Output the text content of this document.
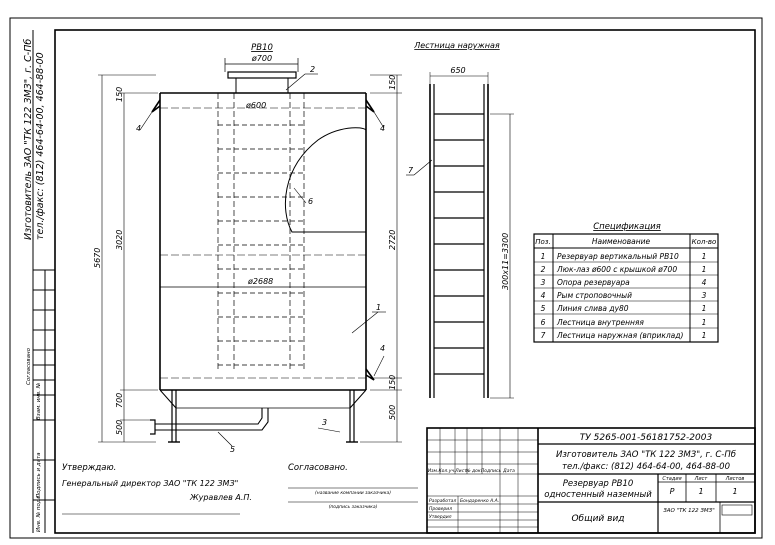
Изготовитель ЗАО "ТК 122 ЗМЗ", г. С-Пб тел./факс: (812) 464-64-00, 464-88-00
Согласовано
Взам. инв. №
Подпись и дата
Инв. № подл.
РВ10
ø700
ø2688
ø600
5670
150
3020
700
500
150
2720
150
500
1
2
3
4	4
4
5
6
Лестница наружная
650
300х11=3300
7
Спецификация
Поз.	Наименование	Кол-во
1 Резервуар вертикальный РВ10	1
2 Люк-лаз ø600 с крышкой ø700	1
3 Опора резервуара	4
4 Рым строповочный	3
5 Линия слива ду80	1
6 Лестница внутренняя	1
7 Лестница наружная (вприклад) 1
Утверждаю.
Генеральный директор ЗАО "ТК 122 ЗМЗ"
Журавлев А.П.
Согласовано.
(название компании заказчика)
(подпись заказчика)
Изм. Кол.уч. Лист № док.
Подпись Дата
Разработал Бондаренко А.А.
Проверил
Утвердил
ТУ 5265-001-56181752-2003
Изготовитель ЗАО "ТК 122 ЗМЗ", г. С-Пб
тел./факс: (812) 464-64-00, 464-88-00
Резервуар РВ10
одностенный наземный
Стадия	Лист	Листов
Р	1	1
Общий вид
ЗАО "ТК 122 ЗМЗ"
